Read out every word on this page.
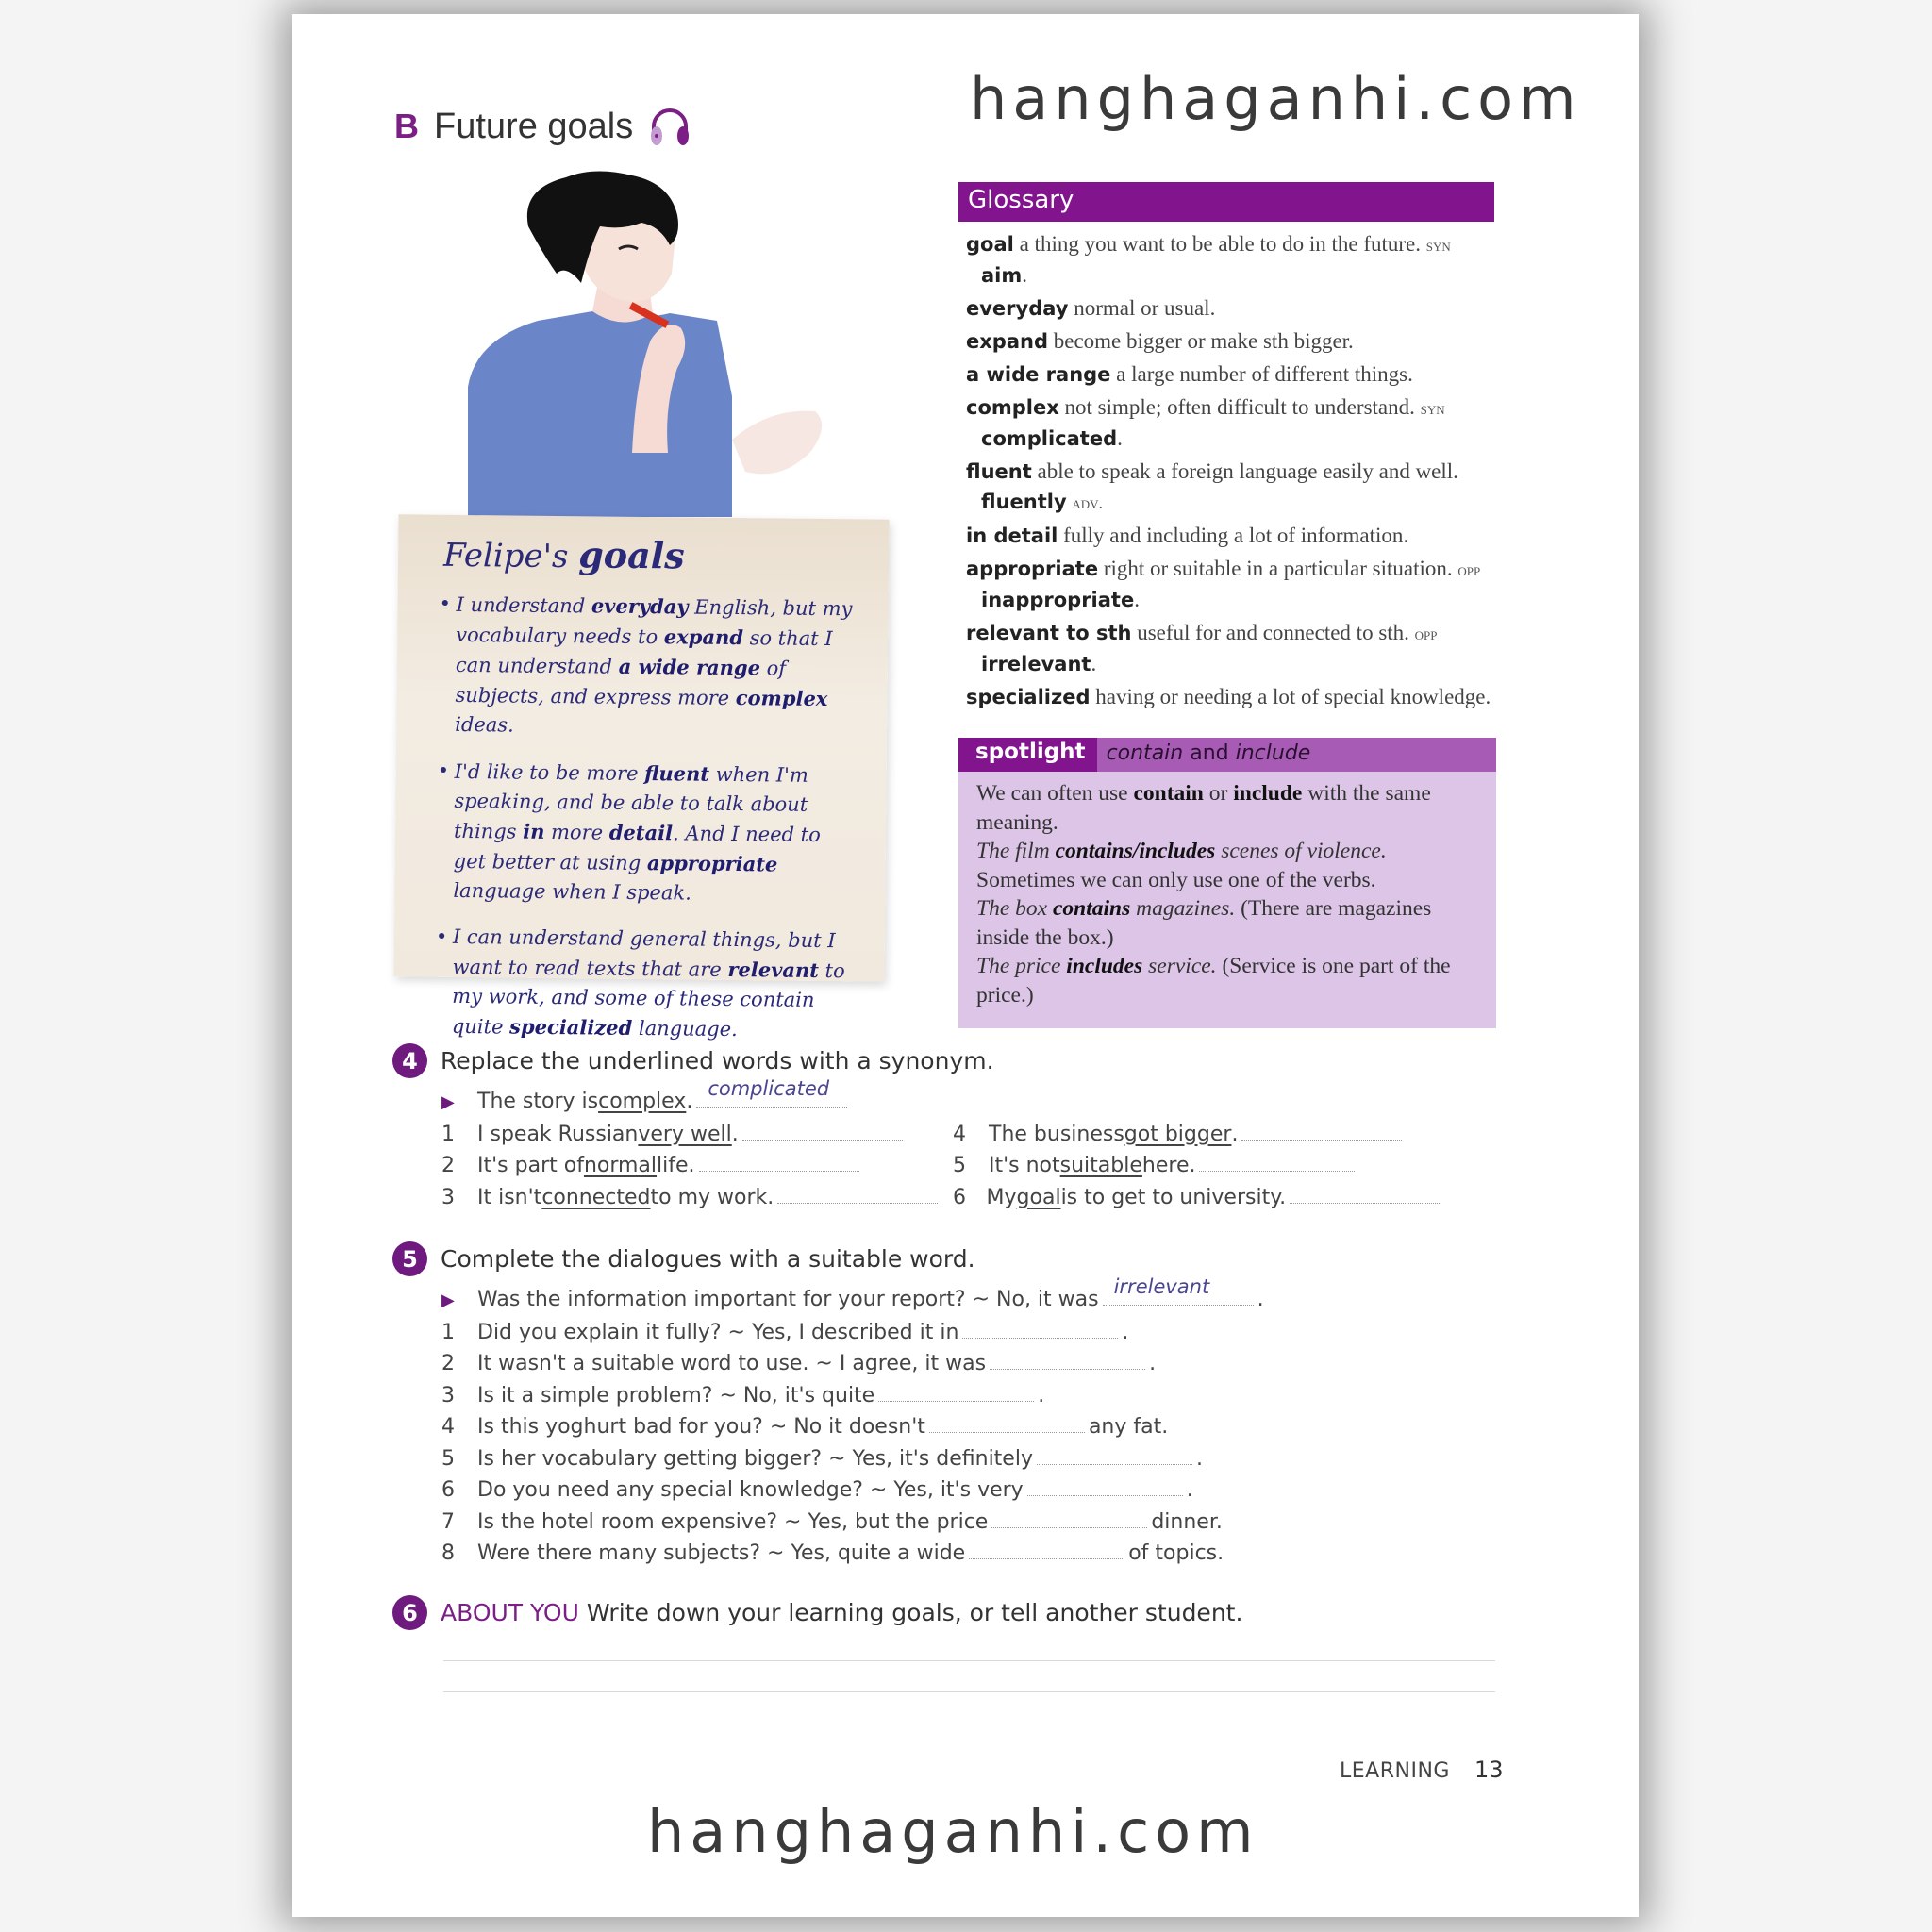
hanghaganhi.com
B Future goals
Felipe's goals
• I understand everyday English, but my vocabulary needs to expand so that I can understand a wide range of subjects, and express more complex ideas.
• I'd like to be more fluent when I'm speaking, and be able to talk about things in more detail. And I need to get better at using appropriate language when I speak.
• I can understand general things, but I want to read texts that are relevant to my work, and some of these contain quite specialized language.
Glossary
goal a thing you want to be able to do in the future. syn aim.
everyday normal or usual.
expand become bigger or make sth bigger.
a wide range a large number of different things.
complex not simple; often difficult to understand. syn complicated.
fluent able to speak a foreign language easily and well. fluently adv.
in detail fully and including a lot of information.
appropriate right or suitable in a particular situation. opp inappropriate.
relevant to sth useful for and connected to sth. opp irrelevant.
specialized having or needing a lot of special knowledge.
spotlight	contain and include
We can often use contain or include with the same meaning.
The film contains/includes scenes of violence.
Sometimes we can only use one of the verbs.
The box contains magazines. (There are magazines inside the box.)
The price includes service. (Service is one part of the price.)
4 Replace the underlined words with a synonym.
▶	The story is complex .
complicated
1	I speak Russian very well .	4	The business got bigger .
2	It's part of normal life.	5	It's not suitable here.
3	It isn't connected to my work.	6 My goal is to get to university.
5 Complete the dialogues with a suitable word.
▶	Was the information important for your report? ~ No, it was
irrelevant
.
1	Did you explain it fully? ~ Yes, I described it in	.
2	It wasn't a suitable word to use. ~ I agree, it was	.
3	Is it a simple problem? ~ No, it's quite	.
4	Is this yoghurt bad for you? ~ No it doesn't	any fat.
5	Is her vocabulary getting bigger? ~ Yes, it's definitely	.
6	Do you need any special knowledge? ~ Yes, it's very	.
7	Is the hotel room expensive? ~ Yes, but the price	dinner.
8	Were there many subjects? ~ Yes, quite a wide	of topics.
6 ABOUT YOU Write down your learning goals, or tell another student.
LEARNING 13
hanghaganhi.com
